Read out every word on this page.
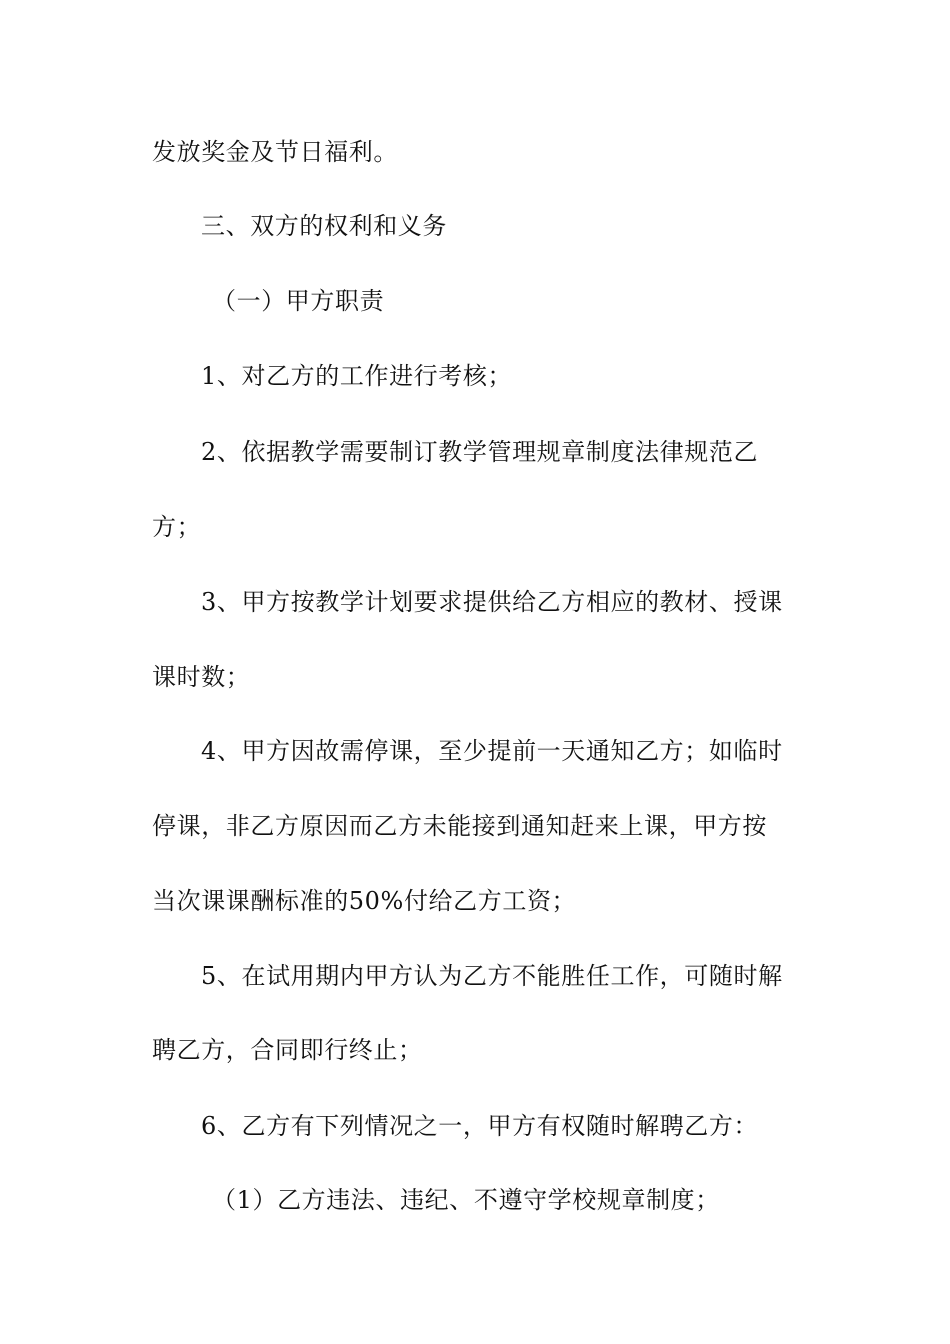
发放奖金及节日福利。
三、双方的权利和义务
（一）甲方职责
1、对乙方的工作进行考核；
2、依据教学需要制订教学管理规章制度法律规范乙
方；
3、甲方按教学计划要求提供给乙方相应的教材、授课
课时数；
4、甲方因故需停课，至少提前一天通知乙方；如临时
停课，非乙方原因而乙方未能接到通知赶来上课，甲方按
当次课课酬标准的50%付给乙方工资；
5、在试用期内甲方认为乙方不能胜任工作，可随时解
聘乙方，合同即行终止；
6、乙方有下列情况之一，甲方有权随时解聘乙方：
（1）乙方违法、违纪、不遵守学校规章制度；
